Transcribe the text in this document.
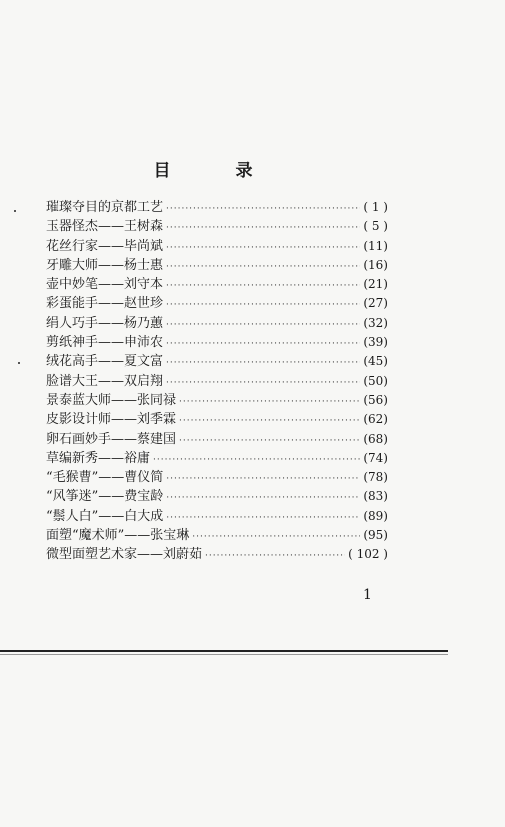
目　录
璀璨夺目的京都工艺 ·····	( 1 )
玉器怪杰——王树森 ·····	( 5 )
花丝行家——毕尚斌 ·····	(11)
牙雕大师——杨士惠 ·····	(16)
壶中妙笔——刘守本 ·····	(21)
彩蛋能手——赵世珍 ·····	(27)
绢人巧手——杨乃蕙 ·····	(32)
剪纸神手——申沛农 ·····	(39)
绒花高手——夏文富 ·····	(45)
脸谱大王——双启翔 ·····	(50)
景泰蓝大师——张同禄 ·····	(56)
皮影设计师——刘季霖 ·····	(62)
卵石画妙手——蔡建国 ·····	(68)
草编新秀——裕庸 ·····	(74)
“毛猴曹”——曹仪简 ·····	(78)
“风筝迷”——费宝龄 ·····	(83)
“鬃人白”——白大成 ·····	(89)
面塑“魔术师”——张宝琳 ·····	(95)
微型面塑艺术家——刘蔚茹 ·····	( 102 )
1
